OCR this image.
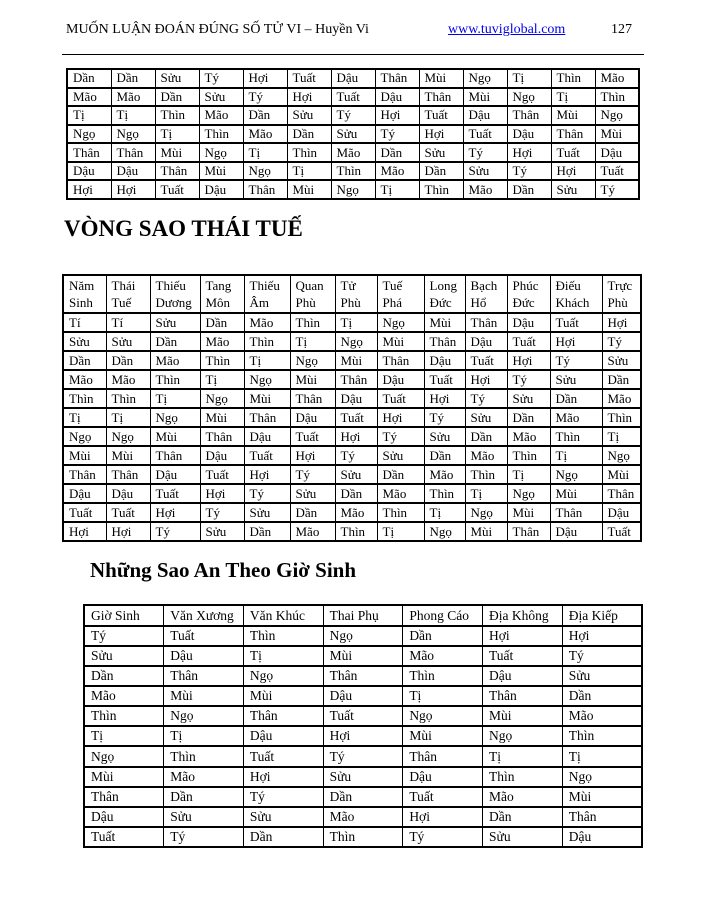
MUỐN LUẬN ĐOÁN ĐÚNG SỐ TỬ VI – Huyền Vi	www.tuviglobal.com	127
Dần	Dần	Sửu	Tý	Hợi	Tuất	Dậu	Thân	Mùi	Ngọ	Tị	Thìn	Mão
Mão	Mão	Dần	Sửu	Tý	Hợi	Tuất	Dậu	Thân	Mùi	Ngọ	Tị	Thìn
Tị	Tị	Thìn	Mão	Dần	Sửu	Tý	Hợi	Tuất	Dậu	Thân	Mùi	Ngọ
Ngọ	Ngọ	Tị	Thìn	Mão	Dần	Sửu	Tý	Hợi	Tuất	Dậu	Thân	Mùi
Thân	Thân	Mùi	Ngọ	Tị	Thìn	Mão	Dần	Sửu	Tý	Hợi	Tuất	Dậu
Dậu	Dậu	Thân	Mùi	Ngọ	Tị	Thìn	Mão	Dần	Sửu	Tý	Hợi	Tuất
Hợi	Hợi	Tuất	Dậu	Thân	Mùi	Ngọ	Tị	Thìn	Mão	Dần	Sửu	Tý
VÒNG SAO THÁI TUẾ
Năm Sinh	Thái Tuế	Thiếu Dương	Tang Môn	Thiếu Âm	Quan Phù	Tử Phù	Tuế Phá	Long Đức	Bạch Hổ	Phúc Đức	Điếu Khách	Trực Phù
Tí	Tí	Sửu	Dần	Mão	Thìn	Tị	Ngọ	Mùi	Thân	Dậu	Tuất	Hợi
Sửu	Sửu	Dần	Mão	Thìn	Tị	Ngọ	Mùi	Thân	Dậu	Tuất	Hợi	Tý
Dần	Dần	Mão	Thìn	Tị	Ngọ	Mùi	Thân	Dậu	Tuất	Hợi	Tý	Sửu
Mão	Mão	Thìn	Tị	Ngọ	Mùi	Thân	Dậu	Tuất	Hợi	Tý	Sửu	Dần
Thìn	Thìn	Tị	Ngọ	Mùi	Thân	Dậu	Tuất	Hợi	Tý	Sửu	Dần	Mão
Tị	Tị	Ngọ	Mùi	Thân	Dậu	Tuất	Hợi	Tý	Sửu	Dần	Mão	Thìn
Ngọ	Ngọ	Mùi	Thân	Dậu	Tuất	Hợi	Tý	Sửu	Dần	Mão	Thìn	Tị
Mùi	Mùi	Thân	Dậu	Tuất	Hợi	Tý	Sửu	Dần	Mão	Thìn	Tị	Ngọ
Thân	Thân	Dậu	Tuất	Hợi	Tý	Sửu	Dần	Mão	Thìn	Tị	Ngọ	Mùi
Dậu	Dậu	Tuất	Hợi	Tý	Sửu	Dần	Mão	Thìn	Tị	Ngọ	Mùi	Thân
Tuất	Tuất	Hợi	Tý	Sửu	Dần	Mão	Thìn	Tị	Ngọ	Mùi	Thân	Dậu
Hợi	Hợi	Tý	Sửu	Dần	Mão	Thìn	Tị	Ngọ	Mùi	Thân	Dậu	Tuất
Những Sao An Theo Giờ Sinh
Giờ Sinh	Văn Xương	Văn Khúc	Thai Phụ	Phong Cáo	Địa Không	Địa Kiếp
Tý	Tuất	Thìn	Ngọ	Dần	Hợi	Hợi
Sửu	Dậu	Tị	Mùi	Mão	Tuất	Tý
Dần	Thân	Ngọ	Thân	Thìn	Dậu	Sửu
Mão	Mùi	Mùi	Dậu	Tị	Thân	Dần
Thìn	Ngọ	Thân	Tuất	Ngọ	Mùi	Mão
Tị	Tị	Dậu	Hợi	Mùi	Ngọ	Thìn
Ngọ	Thìn	Tuất	Tý	Thân	Tị	Tị
Mùi	Mão	Hợi	Sửu	Dậu	Thìn	Ngọ
Thân	Dần	Tý	Dần	Tuất	Mão	Mùi
Dậu	Sửu	Sửu	Mão	Hợi	Dần	Thân
Tuất	Tý	Dần	Thìn	Tý	Sửu	Dậu
